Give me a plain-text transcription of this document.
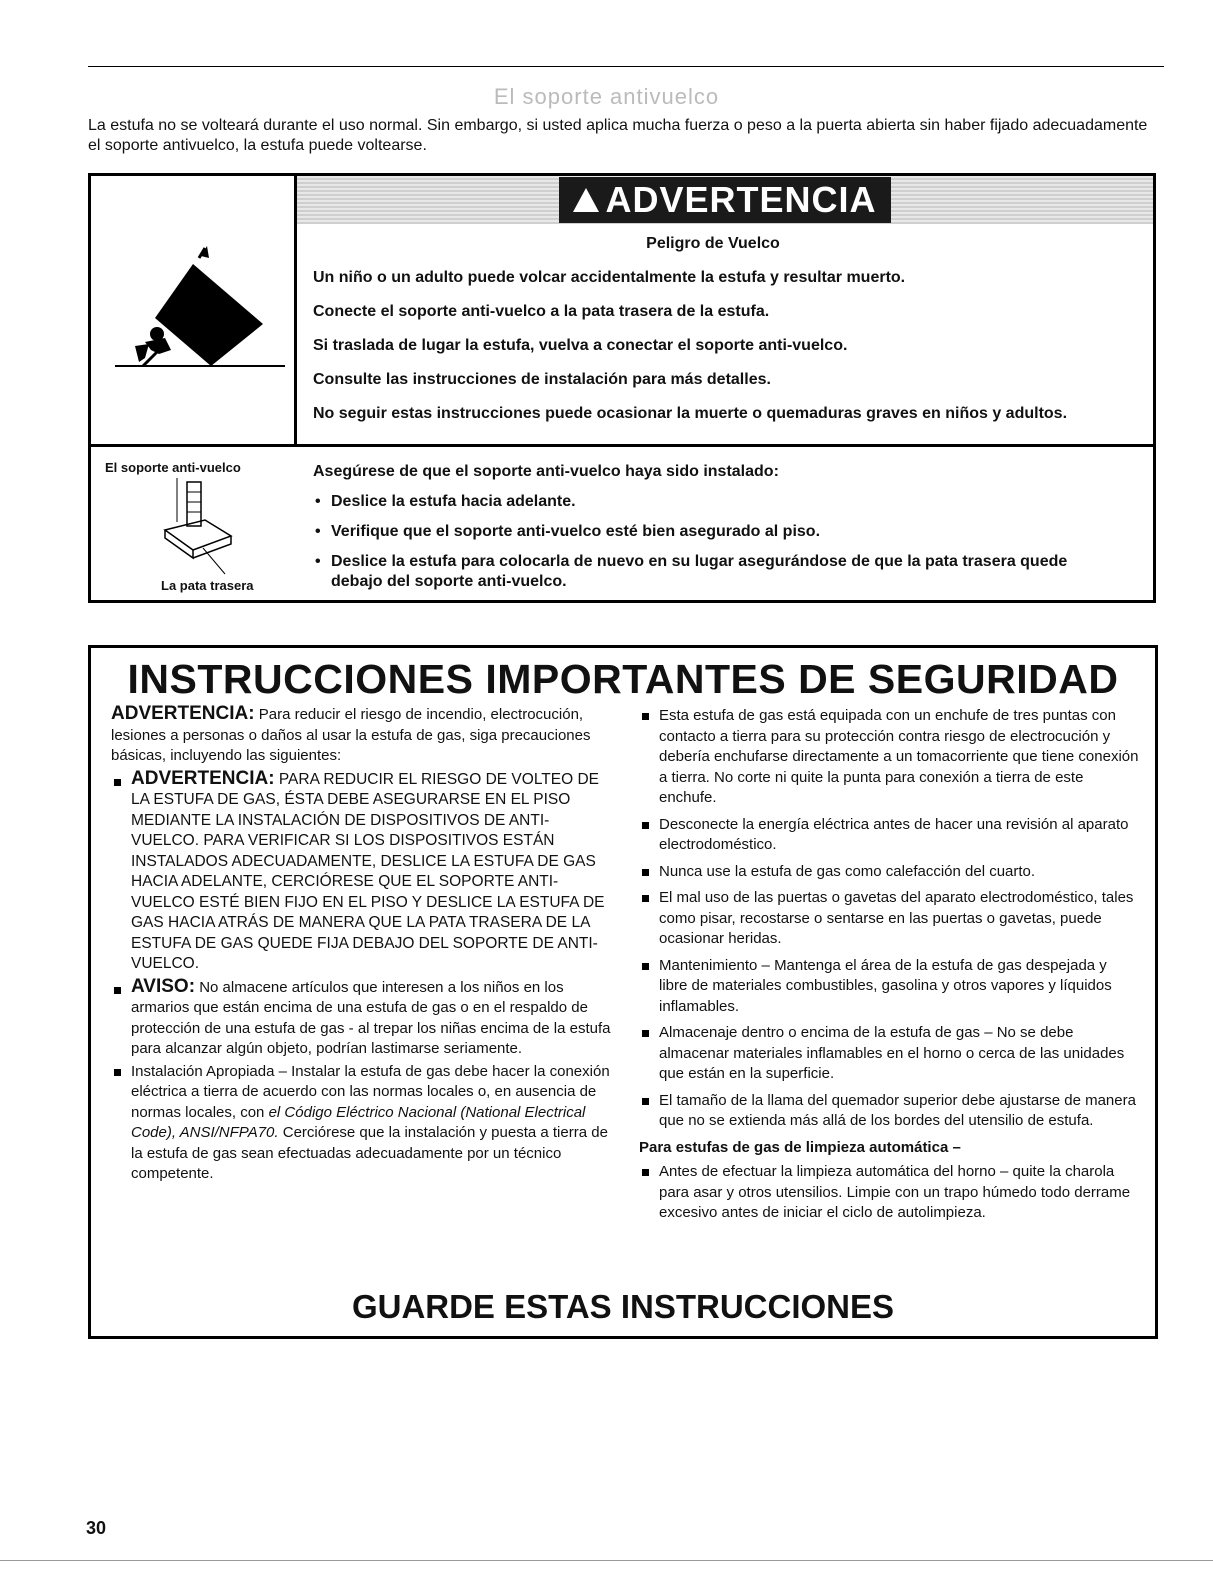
El soporte antivuelco
La estufa no se volteará durante el uso normal. Sin embargo, si usted aplica mucha fuerza o peso a la puerta abierta sin haber fijado adecuadamente el soporte antivuelco, la estufa puede voltearse.
ADVERTENCIA
Peligro de Vuelco

Un niño o un adulto puede volcar accidentalmente la estufa y resultar muerto.

Conecte el soporte anti-vuelco a la pata trasera de la estufa.

Si traslada de lugar la estufa, vuelva a conectar el soporte anti-vuelco.

Consulte las instrucciones de instalación para más detalles.

No seguir estas instrucciones puede ocasionar la muerte o quemaduras graves en niños y adultos.

El soporte anti-vuelco
La pata trasera

Asegúrese de que el soporte anti-vuelco haya sido instalado:

• Deslice la estufa hacia adelante.
• Verifique que el soporte anti-vuelco esté bien asegurado al piso.
• Deslice la estufa para colocarla de nuevo en su lugar asegurándose de que la pata trasera quede debajo del soporte anti-vuelco.
INSTRUCCIONES IMPORTANTES DE SEGURIDAD

ADVERTENCIA: Para reducir el riesgo de incendio, electrocución, lesiones a personas o daños al usar la estufa de gas, siga precauciones básicas, incluyendo las siguientes:

ADVERTENCIA: PARA REDUCIR EL RIESGO DE VOLTEO DE LA ESTUFA DE GAS, ÉSTA DEBE ASEGURARSE EN EL PISO MEDIANTE LA INSTALACIÓN DE DISPOSITIVOS DE ANTI-VUELCO. PARA VERIFICAR SI LOS DISPOSITIVOS ESTÁN INSTALADOS ADECUADAMENTE, DESLICE LA ESTUFA DE GAS HACIA ADELANTE, CERCIÓRESE QUE EL SOPORTE ANTI-VUELCO ESTÉ BIEN FIJO EN EL PISO Y DESLICE LA ESTUFA DE GAS HACIA ATRÁS DE MANERA QUE LA PATA TRASERA DE LA ESTUFA DE GAS QUEDE FIJA DEBAJO DEL SOPORTE DE ANTI-VUELCO.
AVISO: No almacene artículos que interesen a los niños en los armarios que están encima de una estufa de gas o en el respaldo de protección de una estufa de gas - al trepar los niñas encima de la estufa para alcanzar algún objeto, podrían lastimarse seriamente.
Instalación Apropiada – Instalar la estufa de gas debe hacer la conexión eléctrica a tierra de acuerdo con las normas locales o, en ausencia de normas locales, con el Código Eléctrico Nacional (National Electrical Code), ANSI/NFPA70. Cerciórese que la instalación y puesta a tierra de la estufa de gas sean efectuadas adecuadamente por un técnico competente.
Esta estufa de gas está equipada con un enchufe de tres puntas con contacto a tierra para su protección contra riesgo de electrocución y debería enchufarse directamente a un tomacorriente que tiene conexión a tierra. No corte ni quite la punta para conexión a tierra de este enchufe.
Desconecte la energía eléctrica antes de hacer una revisión al aparato electrodoméstico.
Nunca use la estufa de gas como calefacción del cuarto.
El mal uso de las puertas o gavetas del aparato electrodoméstico, tales como pisar, recostarse o sentarse en las puertas o gavetas, puede ocasionar heridas.
Mantenimiento – Mantenga el área de la estufa de gas despejada y libre de materiales combustibles, gasolina y otros vapores y líquidos inflamables.
Almacenaje dentro o encima de la estufa de gas – No se debe almacenar materiales inflamables en el horno o cerca de las unidades que están en la superficie.
El tamaño de la llama del quemador superior debe ajustarse de manera que no se extienda más allá de los bordes del utensilio de estufa.
Para estufas de gas de limpieza automática –
Antes de efectuar la limpieza automática del horno – quite la charola para asar y otros utensilios. Limpie con un trapo húmedo todo derrame excesivo antes de iniciar el ciclo de autolimpieza.
GUARDE ESTAS INSTRUCCIONES
30
